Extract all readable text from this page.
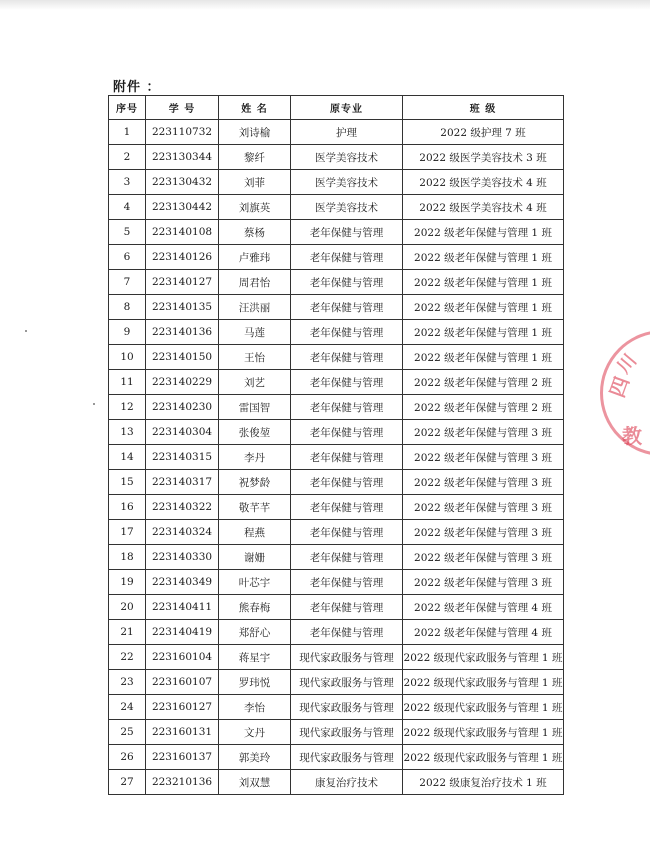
附件 ：
序号	学 号	姓 名	原专业	班 级
1	223110732	刘诗榆	护理	2022 级护理 7 班
2	223130344	黎纤	医学美容技术	2022 级医学美容技术 3 班
3	223130432	刘菲	医学美容技术	2022 级医学美容技术 4 班
4	223130442	刘旗英	医学美容技术	2022 级医学美容技术 4 班
5	223140108	蔡杨	老年保健与管理	2022 级老年保健与管理 1 班
6	223140126	卢雅玮	老年保健与管理	2022 级老年保健与管理 1 班
7	223140127	周君怡	老年保健与管理	2022 级老年保健与管理 1 班
8	223140135	汪洪丽	老年保健与管理	2022 级老年保健与管理 1 班
9	223140136	马莲	老年保健与管理	2022 级老年保健与管理 1 班
10	223140150	王怡	老年保健与管理	2022 级老年保健与管理 1 班
11	223140229	刘艺	老年保健与管理	2022 级老年保健与管理 2 班
12	223140230	雷国智	老年保健与管理	2022 级老年保健与管理 2 班
13	223140304	张俊堃	老年保健与管理	2022 级老年保健与管理 3 班
14	223140315	李丹	老年保健与管理	2022 级老年保健与管理 3 班
15	223140317	祝梦龄	老年保健与管理	2022 级老年保健与管理 3 班
16	223140322	敬芊芊	老年保健与管理	2022 级老年保健与管理 3 班
17	223140324	程燕	老年保健与管理	2022 级老年保健与管理 3 班
18	223140330	谢姗	老年保健与管理	2022 级老年保健与管理 3 班
19	223140349	叶芯宇	老年保健与管理	2022 级老年保健与管理 3 班
20	223140411	熊春梅	老年保健与管理	2022 级老年保健与管理 4 班
21	223140419	郑舒心	老年保健与管理	2022 级老年保健与管理 4 班
22	223160104	蒋星宇	现代家政服务与管理	2022 级现代家政服务与管理 1 班
23	223160107	罗玮悦	现代家政服务与管理	2022 级现代家政服务与管理 1 班
24	223160127	李怡	现代家政服务与管理	2022 级现代家政服务与管理 1 班
25	223160131	文丹	现代家政服务与管理	2022 级现代家政服务与管理 1 班
26	223160137	郭美玲	现代家政服务与管理	2022 级现代家政服务与管理 1 班
27	223210136	刘双慧	康复治疗技术	2022 级康复治疗技术 1 班
四
川
教
